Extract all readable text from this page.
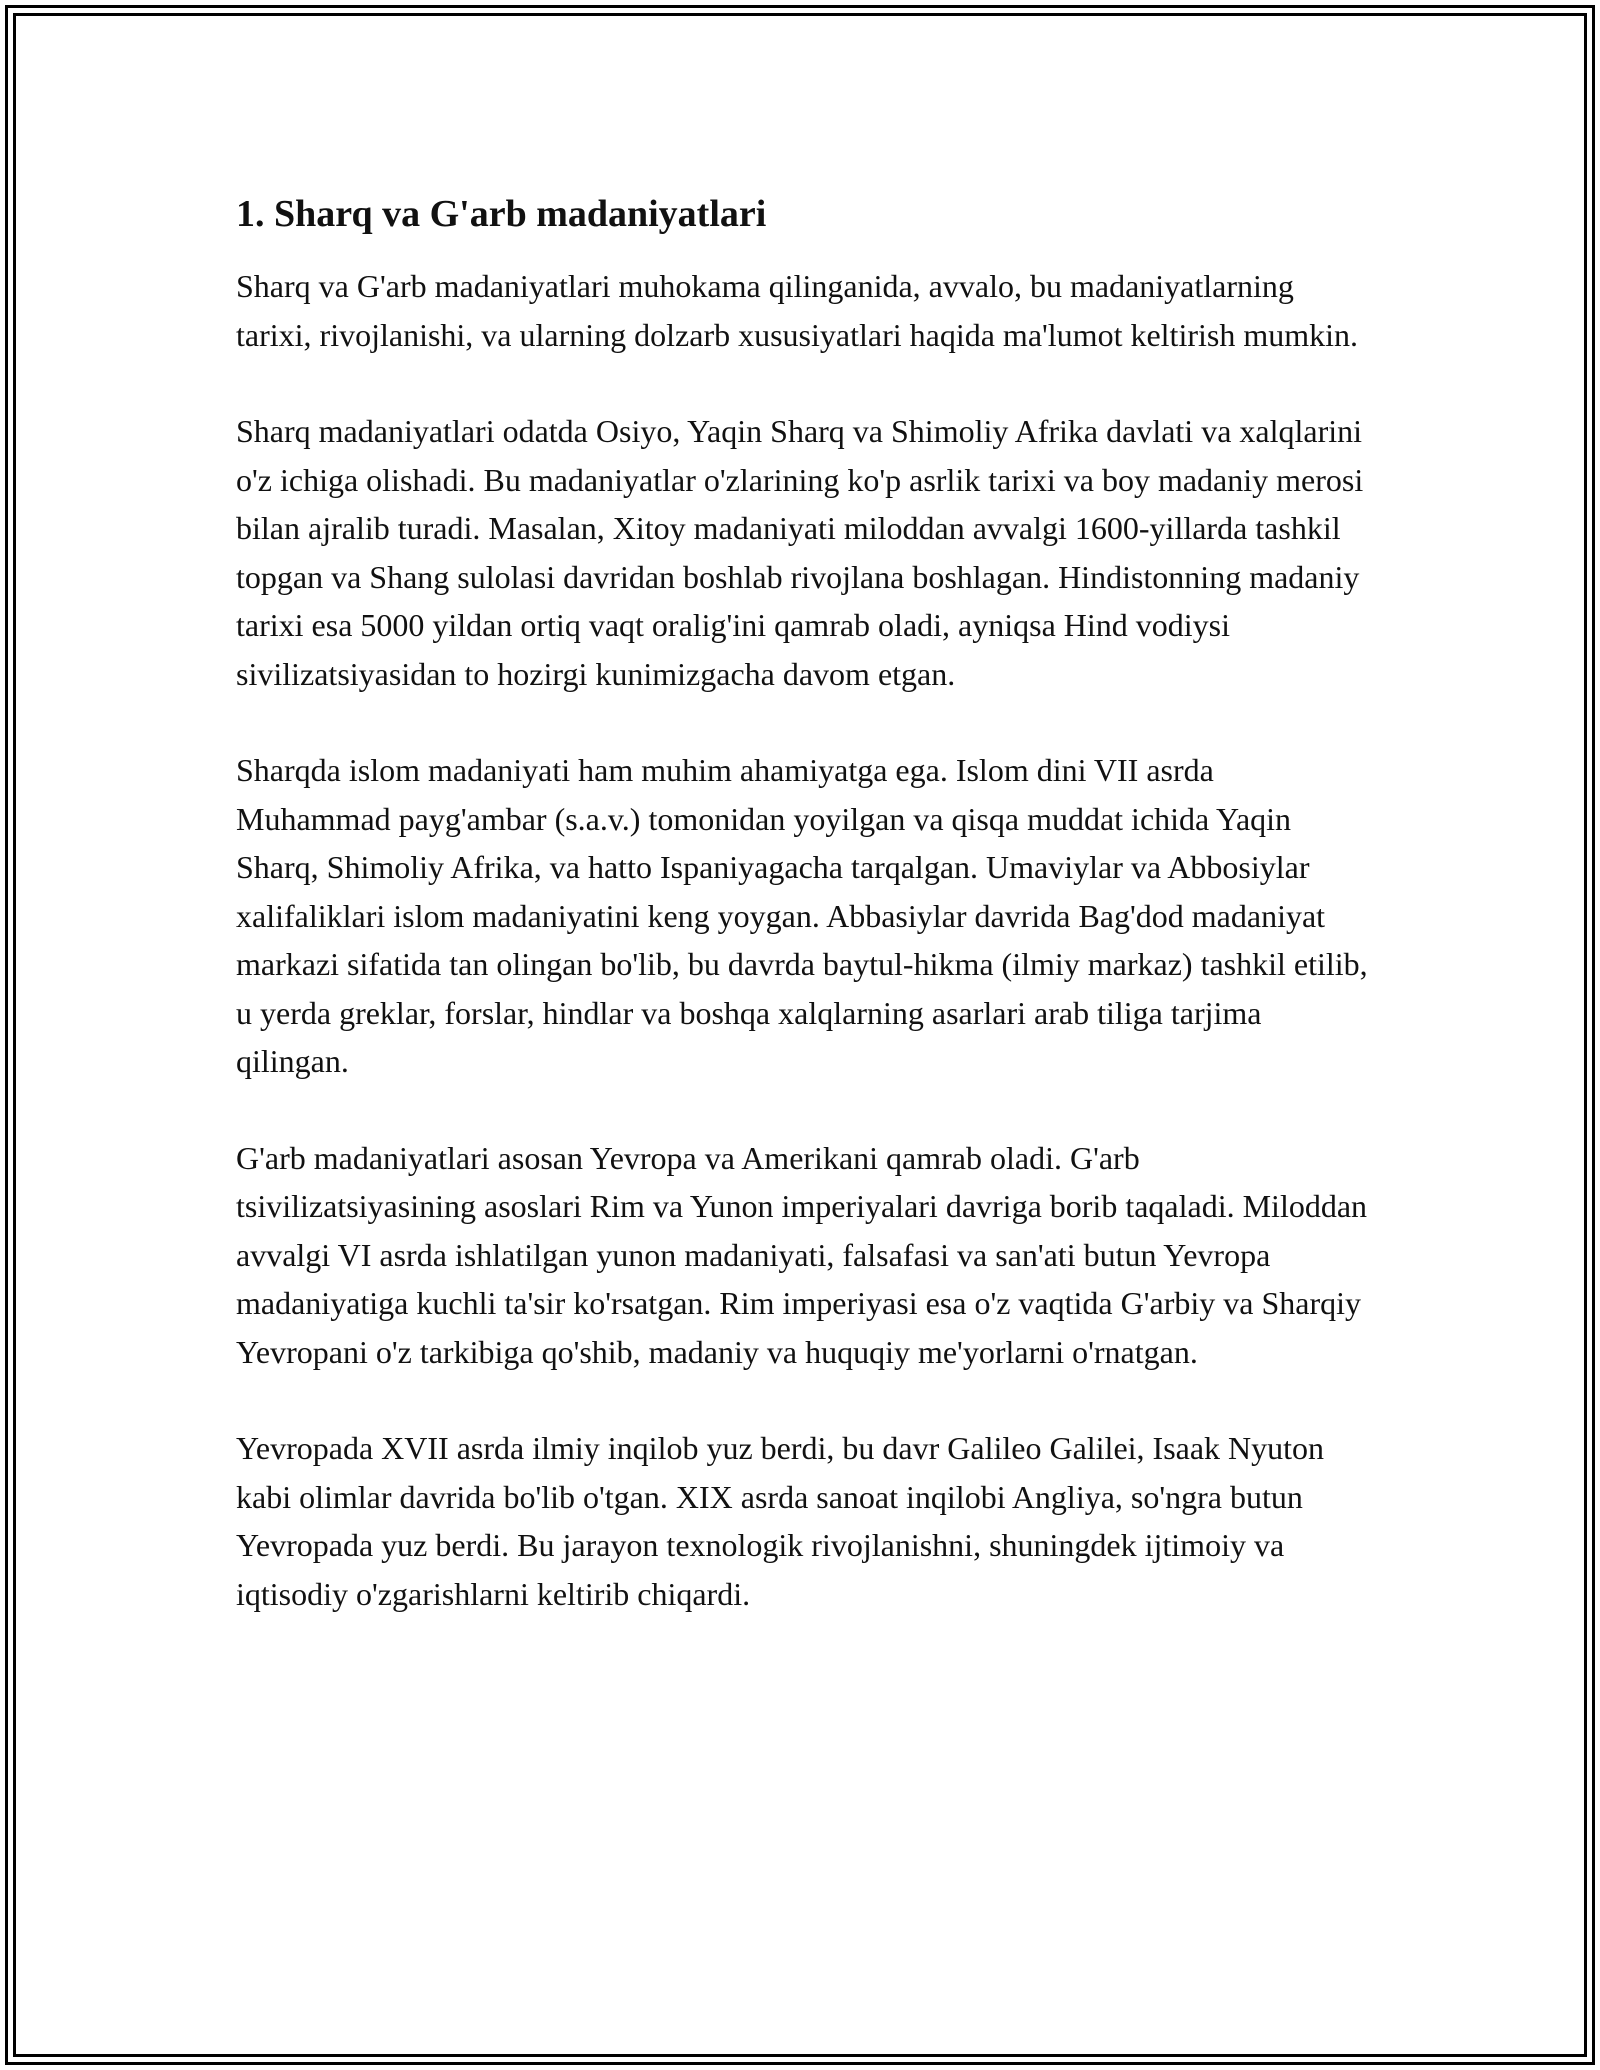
1. Sharq va G'arb madaniyatlari

Sharq va G'arb madaniyatlari muhokama qilinganida, avvalo, bu madaniyatlarning tarixi, rivojlanishi, va ularning dolzarb xususiyatlari haqida ma'lumot keltirish mumkin.

Sharq madaniyatlari odatda Osiyo, Yaqin Sharq va Shimoliy Afrika davlati va xalqlarini o'z ichiga olishadi. Bu madaniyatlar o'zlarining ko'p asrlik tarixi va boy madaniy merosi bilan ajralib turadi. Masalan, Xitoy madaniyati miloddan avvalgi 1600-yillarda tashkil topgan va Shang sulolasi davridan boshlab rivojlana boshlagan. Hindistonning madaniy tarixi esa 5000 yildan ortiq vaqt oralig'ini qamrab oladi, ayniqsa Hind vodiysi sivilizatsiyasidan to hozirgi kunimizgacha davom etgan.

Sharqda islom madaniyati ham muhim ahamiyatga ega. Islom dini VII asrda Muhammad payg'ambar (s.a.v.) tomonidan yoyilgan va qisqa muddat ichida Yaqin Sharq, Shimoliy Afrika, va hatto Ispaniyagacha tarqalgan. Umaviylar va Abbosiylar xalifaliklari islom madaniyatini keng yoygan. Abbasiylar davrida Bag'dod madaniyat markazi sifatida tan olingan bo'lib, bu davrda baytul-hikma (ilmiy markaz) tashkil etilib, u yerda greklar, forslar, hindlar va boshqa xalqlarning asarlari arab tiliga tarjima qilingan.

G'arb madaniyatlari asosan Yevropa va Amerikani qamrab oladi. G'arb tsivilizatsiyasining asoslari Rim va Yunon imperiyalari davriga borib taqaladi. Miloddan avvalgi VI asrda ishlatilgan yunon madaniyati, falsafasi va san'ati butun Yevropa madaniyatiga kuchli ta'sir ko'rsatgan. Rim imperiyasi esa o'z vaqtida G'arbiy va Sharqiy Yevropani o'z tarkibiga qo'shib, madaniy va huquqiy me'yorlarni o'rnatgan.

Yevropada XVII asrda ilmiy inqilob yuz berdi, bu davr Galileo Galilei, Isaak Nyuton kabi olimlar davrida bo'lib o'tgan. XIX asrda sanoat inqilobi Angliya, so'ngra butun Yevropada yuz berdi. Bu jarayon texnologik rivojlanishni, shuningdek ijtimoiy va iqtisodiy o'zgarishlarni keltirib chiqardi.
